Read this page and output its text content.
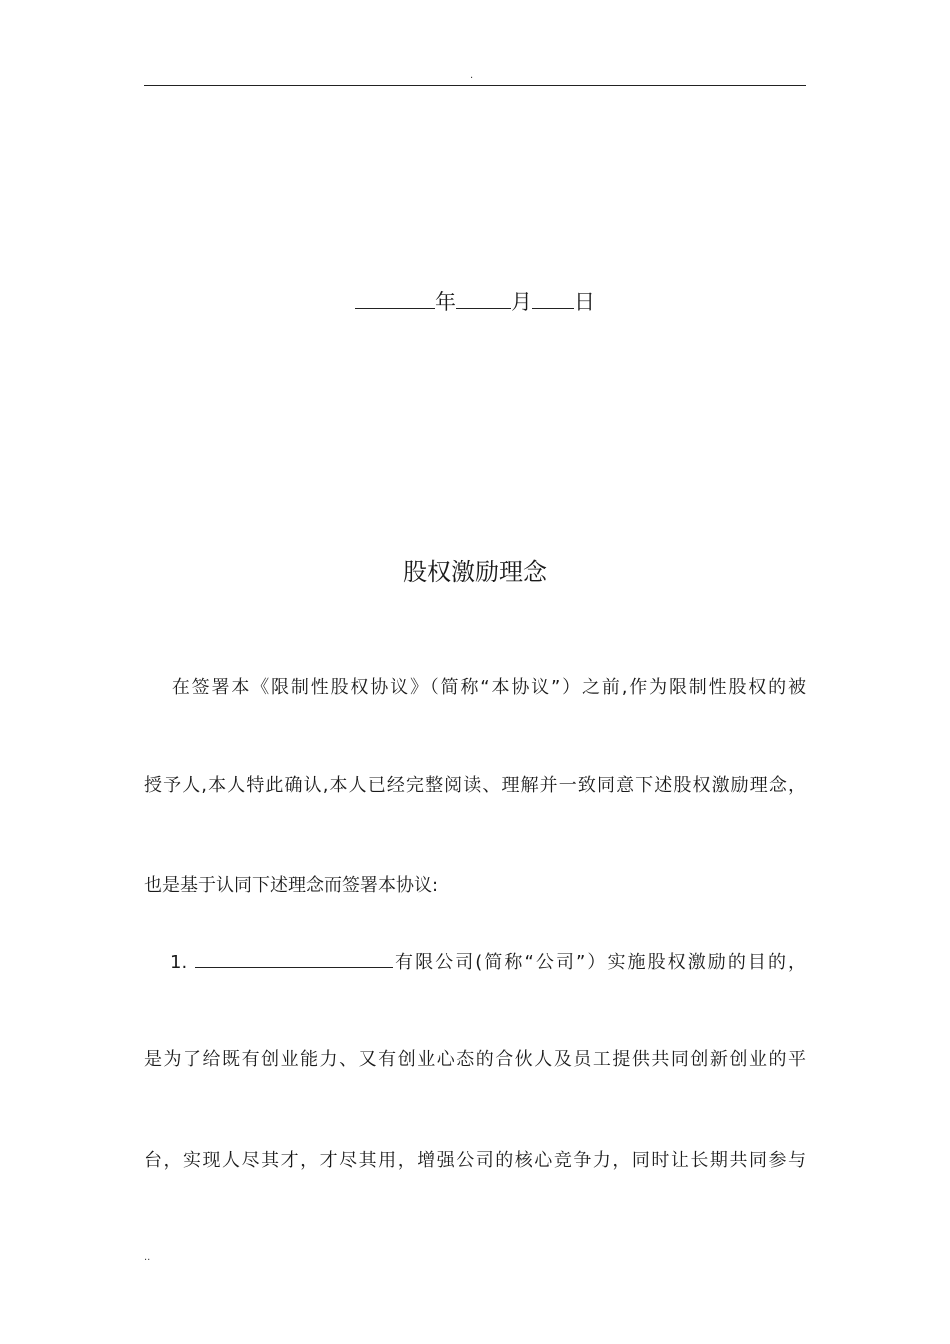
.
年	月 日
股权激励理念
在签署本《限制性股权协议》（简称“本协议”）之前,作为限制性股权的被
授予人,本人特此确认,本人已经完整阅读、理解并一致同意下述股权激励理念，
也是基于认同下述理念而签署本协议:
1.	有限公司(简称“公司”）实施股权激励的目的，
是为了给既有创业能力、又有创业心态的合伙人及员工提供共同创新创业的平
台，实现人尽其才，才尽其用，增强公司的核心竞争力，同时让长期共同参与
..
